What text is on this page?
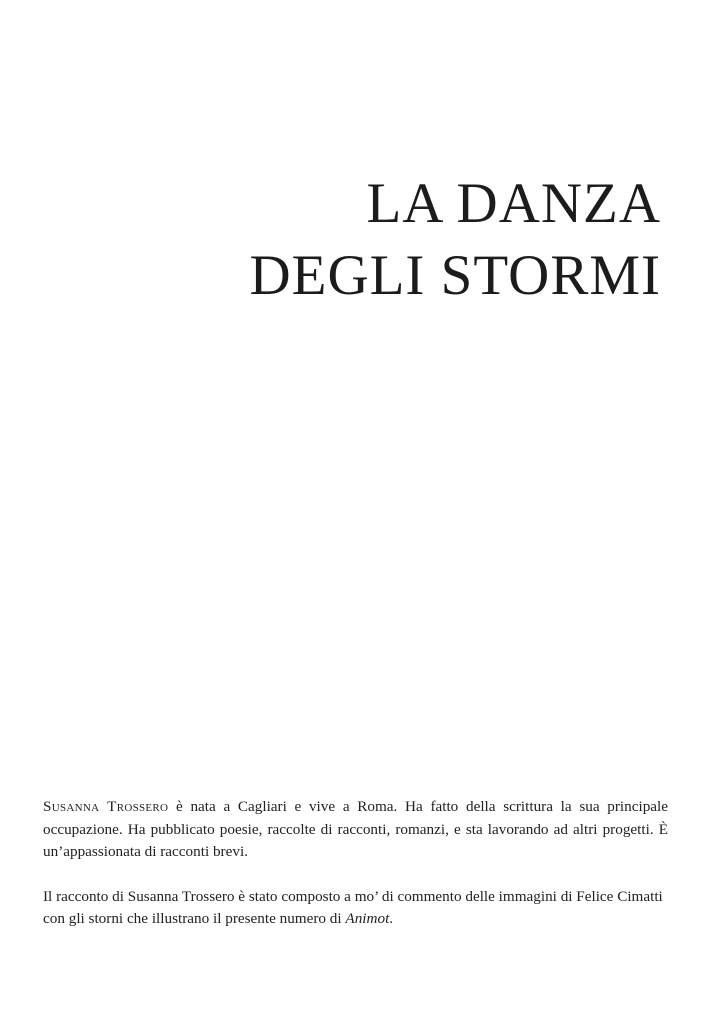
LA DANZA
DEGLI STORMI

Susanna Trossero è nata a Cagliari e vive a Roma. Ha fatto della scrittura la sua principale occupazione. Ha pubblicato poesie, raccolte di racconti, romanzi, e sta lavorando ad altri progetti. È un’appassionata di racconti brevi.

Il racconto di Susanna Trossero è stato composto a mo’ di commento delle immagini di Felice Cimatti con gli storni che illustrano il presente numero di Animot.
